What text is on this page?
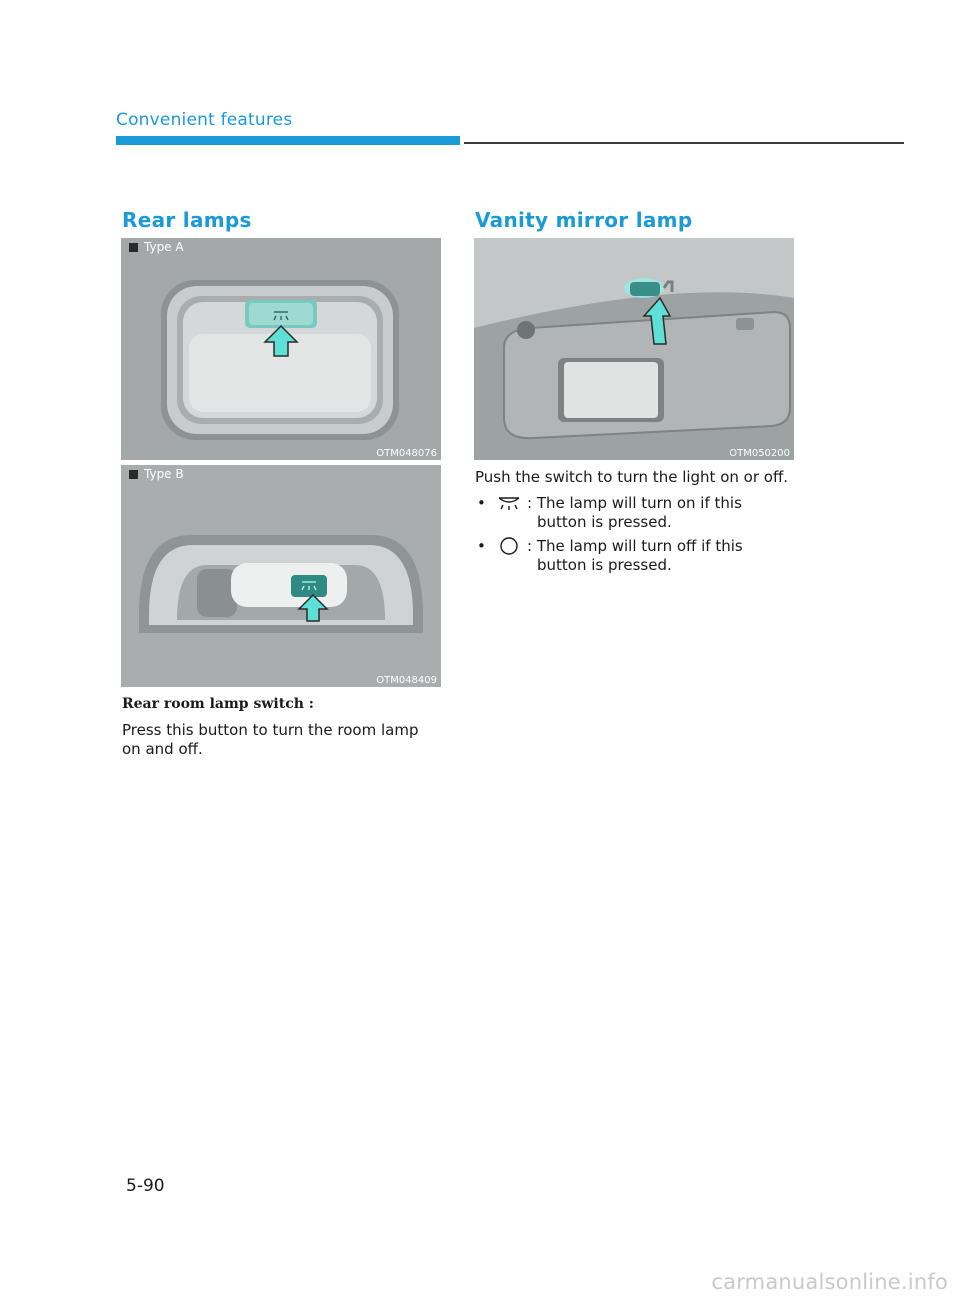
Convenient features
Rear lamps
Type A
OTM048076
Type B
OTM048409
Rear room lamp switch :
Press this button to turn the room lamp
on and off.
Vanity mirror lamp
OTM050200
Push the switch to turn the light on or off.
•	: The lamp will turn on if this
button is pressed.
•	: The lamp will turn off if this
button is pressed.
5-90
carmanualsonline.info
